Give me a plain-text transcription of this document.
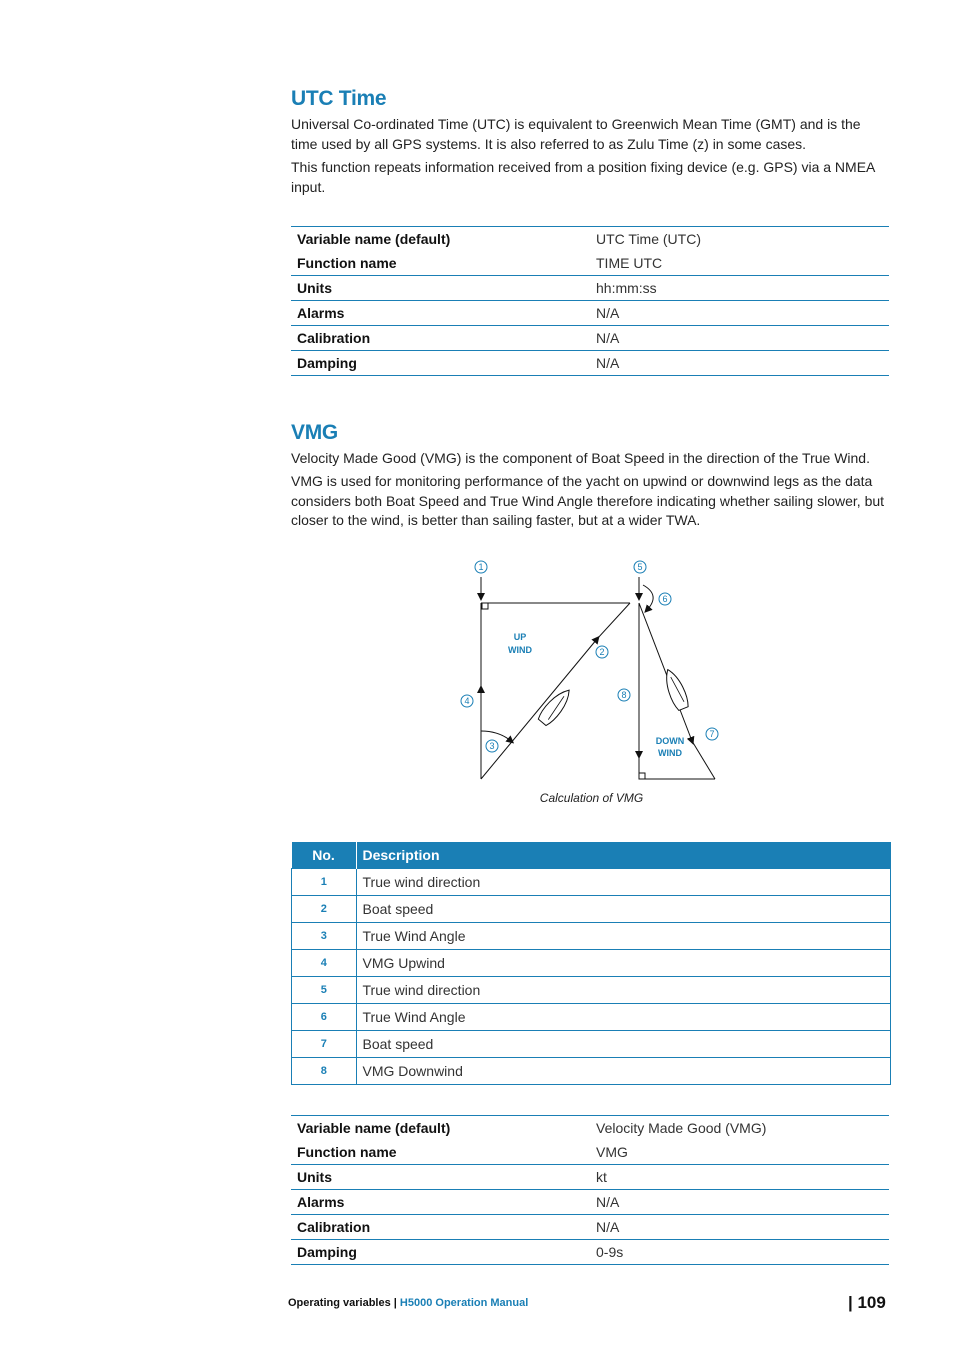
UTC Time

Universal Co-ordinated Time (UTC) is equivalent to Greenwich Mean Time (GMT) and is the time used by all GPS systems. It is also referred to as Zulu Time (z) in some cases.

This function repeats information received from a position fixing device (e.g. GPS) via a NMEA input.

Variable name (default)	UTC Time (UTC)
Function name	TIME UTC
Units	hh:mm:ss
Alarms	N/A
Calibration	N/A
Damping	N/A
VMG

Velocity Made Good (VMG) is the component of Boat Speed in the direction of the True Wind.

VMG is used for monitoring performance of the yacht on upwind or downwind legs as the data considers both Boat Speed and True Wind Angle therefore indicating whether sailing slower, but closer to the wind, is better than sailing faster, but at a wider TWA.

Calculation of VMG
No.	Description
1	True wind direction
2	Boat speed
3	True Wind Angle
4	VMG Upwind
5	True wind direction
6	True Wind Angle
7	Boat speed
8	VMG Downwind
Variable name (default)	Velocity Made Good (VMG)
Function name	VMG
Units	kt
Alarms	N/A
Calibration	N/A
Damping	0-9s
UP
WIND
DOWN
WIND
1
2
3
4
5
6
7
8
Operating variables | H5000 Operation Manual	| 109
